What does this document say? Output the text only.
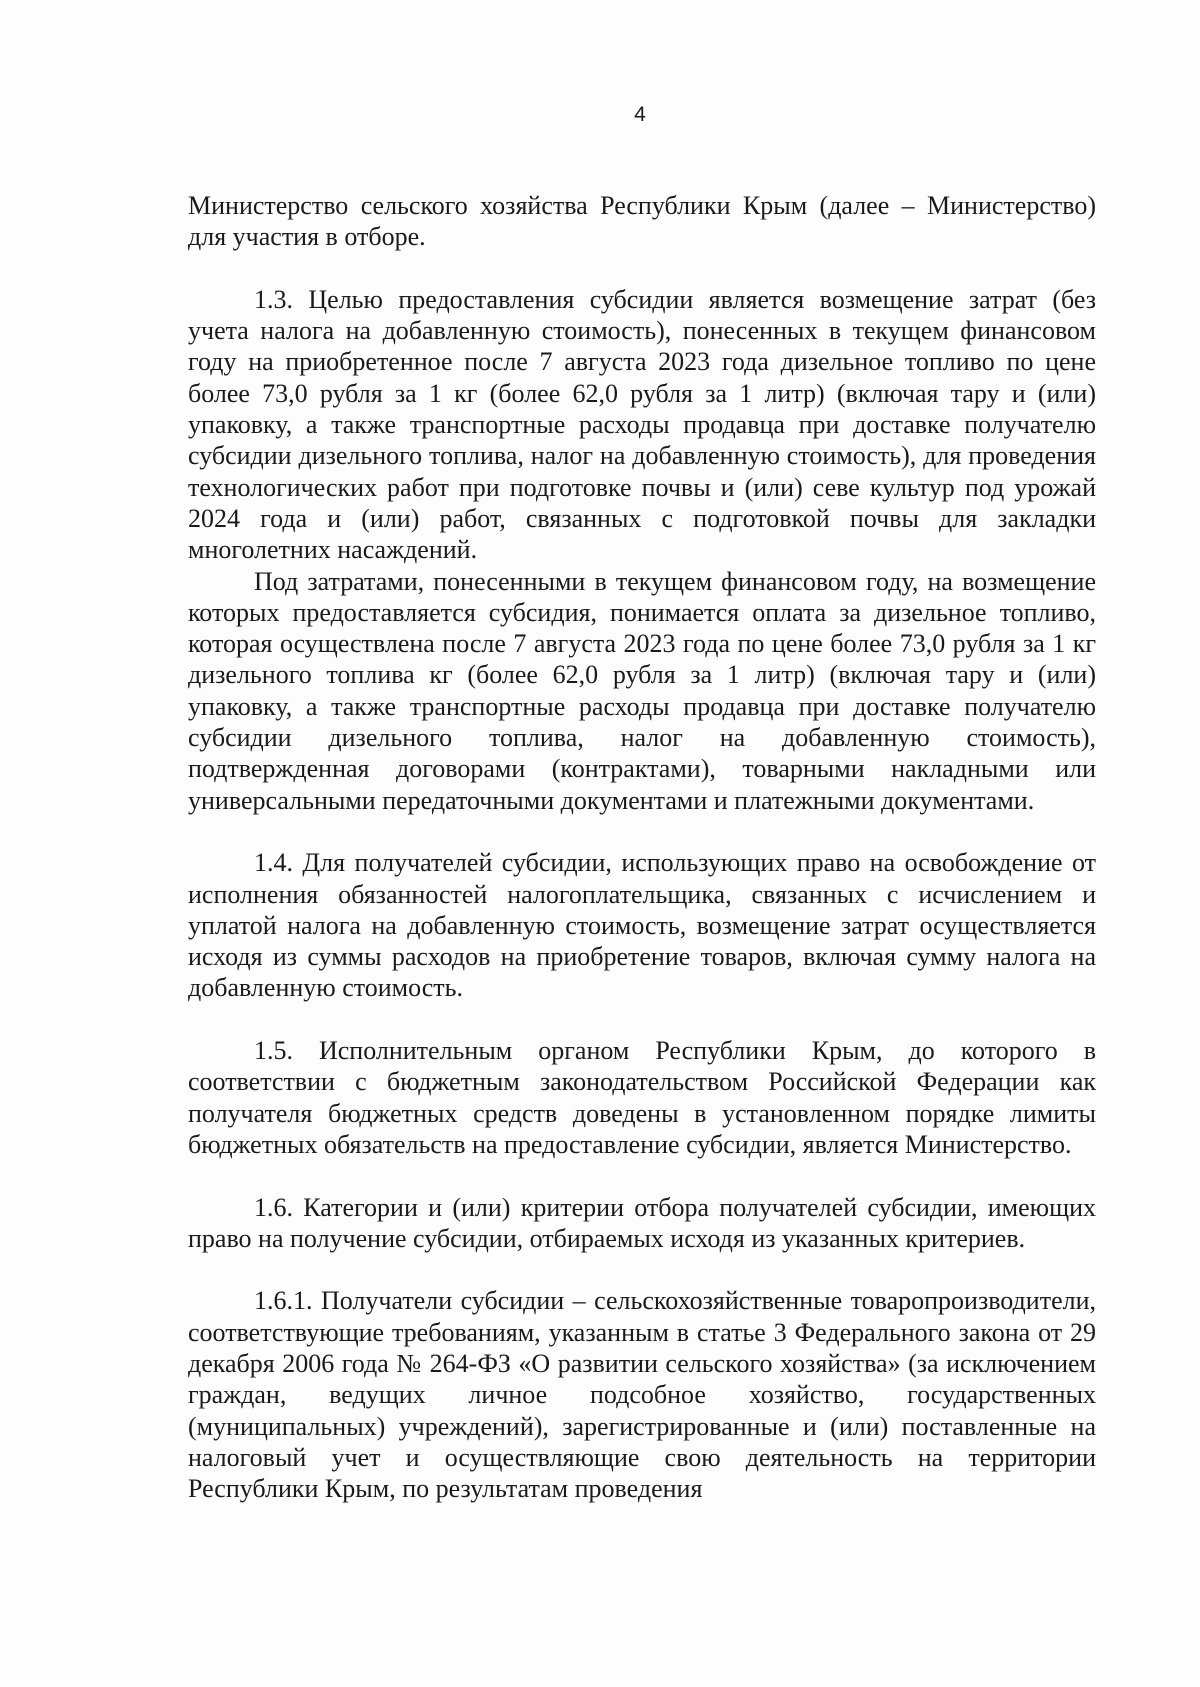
4

Министерство сельского хозяйства Республики Крым (далее – Министерство) для участия в отборе.

1.3. Целью предоставления субсидии является возмещение затрат (без учета налога на добавленную стоимость), понесенных в текущем финансовом году на приобретенное после 7 августа 2023 года дизельное топливо по цене более 73,0 рубля за 1 кг (более 62,0 рубля за 1 литр) (включая тару и (или) упаковку, а также транспортные расходы продавца при доставке получателю субсидии дизельного топлива, налог на добавленную стоимость), для проведения технологических работ при подготовке почвы и (или) севе культур под урожай 2024 года и (или) работ, связанных с подготовкой почвы для закладки многолетних насаждений.

Под затратами, понесенными в текущем финансовом году, на возмещение которых предоставляется субсидия, понимается оплата за дизельное топливо, которая осуществлена после 7 августа 2023 года по цене более 73,0 рубля за 1 кг дизельного топлива кг (более 62,0 рубля за 1 литр) (включая тару и (или) упаковку, а также транспортные расходы продавца при доставке получателю субсидии дизельного топлива, налог на добавленную стоимость), подтвержденная договорами (контрактами), товарными накладными или универсальными передаточными документами и платежными документами.

1.4. Для получателей субсидии, использующих право на освобождение от исполнения обязанностей налогоплательщика, связанных с исчислением и уплатой налога на добавленную стоимость, возмещение затрат осуществляется исходя из суммы расходов на приобретение товаров, включая сумму налога на добавленную стоимость.

1.5. Исполнительным органом Республики Крым, до которого в соответствии с бюджетным законодательством Российской Федерации как получателя бюджетных средств доведены в установленном порядке лимиты бюджетных обязательств на предоставление субсидии, является Министерство.

1.6. Категории и (или) критерии отбора получателей субсидии, имеющих право на получение субсидии, отбираемых исходя из указанных критериев.

1.6.1. Получатели субсидии – сельскохозяйственные товаропроизводители, соответствующие требованиям, указанным в статье 3 Федерального закона от 29 декабря 2006 года № 264-ФЗ «О развитии сельского хозяйства» (за исключением граждан, ведущих личное подсобное хозяйство, государственных (муниципальных) учреждений), зарегистрированные и (или) поставленные на налоговый учет и осуществляющие свою деятельность на территории Республики Крым, по результатам проведения
